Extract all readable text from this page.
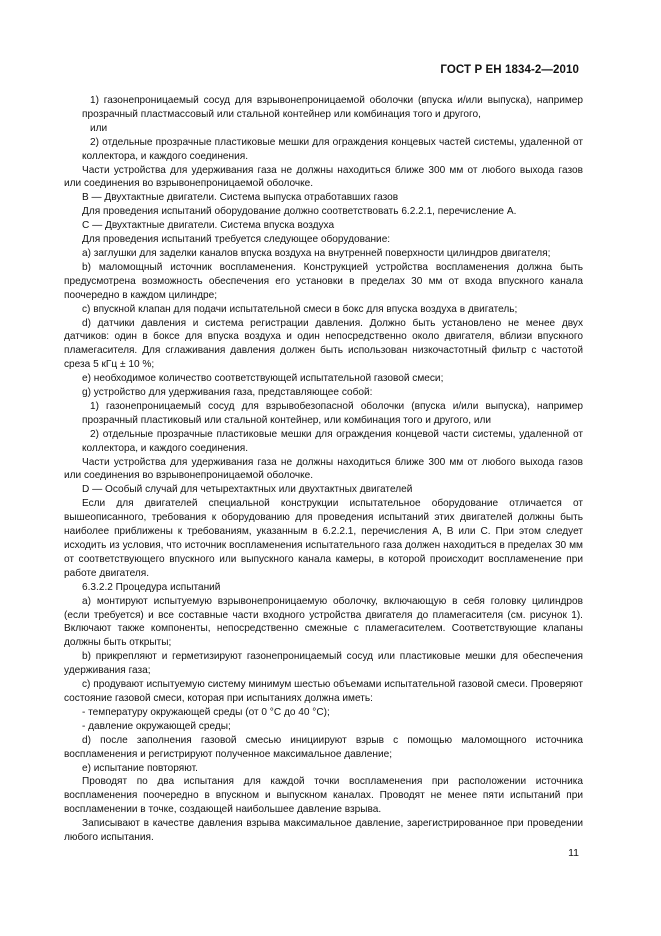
ГОСТ Р ЕН 1834-2—2010

1) газонепроницаемый сосуд для взрывонепроницаемой оболочки (впуска и/или выпуска), например прозрачный пластмассовый или стальной контейнер или комбинация того и другого,

или

2) отдельные прозрачные пластиковые мешки для ограждения концевых частей системы, удаленной от коллектора, и каждого соединения.

Части устройства для удерживания газа не должны находиться ближе 300 мм от любого выхода газов или соединения во взрывонепроницаемой оболочке.

В — Двухтактные двигатели. Система выпуска отработавших газов

Для проведения испытаний оборудование должно соответствовать 6.2.2.1, перечисление А.

С — Двухтактные двигатели. Система впуска воздуха

Для проведения испытаний требуется следующее оборудование:

а) заглушки для заделки каналов впуска воздуха на внутренней поверхности цилиндров двигателя;

b) маломощный источник воспламенения. Конструкцией устройства воспламенения должна быть предусмотрена возможность обеспечения его установки в пределах 30 мм от входа впускного канала поочередно в каждом цилиндре;

c) впускной клапан для подачи испытательной смеси в бокс для впуска воздуха в двигатель;

d) датчики давления и система регистрации давления. Должно быть установлено не менее двух датчиков: один в боксе для впуска воздуха и один непосредственно около двигателя, вблизи впускного пламегасителя. Для сглаживания давления должен быть использован низкочастотный фильтр с частотой среза 5 кГц ± 10 %;

e) необходимое количество соответствующей испытательной газовой смеси;

g) устройство для удерживания газа, представляющее собой:

1) газонепроницаемый сосуд для взрывобезопасной оболочки (впуска и/или выпуска), например прозрачный пластиковый или стальной контейнер, или комбинация того и другого, или

2) отдельные прозрачные пластиковые мешки для ограждения концевой части системы, удаленной от коллектора, и каждого соединения.

Части устройства для удерживания газа не должны находиться ближе 300 мм от любого выхода газов или соединения во взрывонепроницаемой оболочке.

D — Особый случай для четырехтактных или двухтактных двигателей

Если для двигателей специальной конструкции испытательное оборудование отличается от вышеописанного, требования к оборудованию для проведения испытаний этих двигателей должны быть наиболее приближены к требованиям, указанным в 6.2.2.1, перечисления А, В или С. При этом следует исходить из условия, что источник воспламенения испытательного газа должен находиться в пределах 30 мм от соответствующего впускного или выпускного канала камеры, в которой происходит воспламенение при работе двигателя.

6.3.2.2 Процедура испытаний

а) монтируют испытуемую взрывонепроницаемую оболочку, включающую в себя головку цилиндров (если требуется) и все составные части входного устройства двигателя до пламегасителя (см. рисунок 1). Включают также компоненты, непосредственно смежные с пламегасителем. Соответствующие клапаны должны быть открыты;

b) прикрепляют и герметизируют газонепроницаемый сосуд или пластиковые мешки для обеспечения удерживания газа;

c) продувают испытуемую систему минимум шестью объемами испытательной газовой смеси. Проверяют состояние газовой смеси, которая при испытаниях должна иметь:

- температуру окружающей среды (от 0 °С до 40 °С);

- давление окружающей среды;

d) после заполнения газовой смесью инициируют взрыв с помощью маломощного источника воспламенения и регистрируют полученное максимальное давление;

e) испытание повторяют.

Проводят по два испытания для каждой точки воспламенения при расположении источника воспламенения поочередно в впускном и выпускном каналах. Проводят не менее пяти испытаний при воспламенении в точке, создающей наибольшее давление взрыва.

Записывают в качестве давления взрыва максимальное давление, зарегистрированное при проведении любого испытания.

11
